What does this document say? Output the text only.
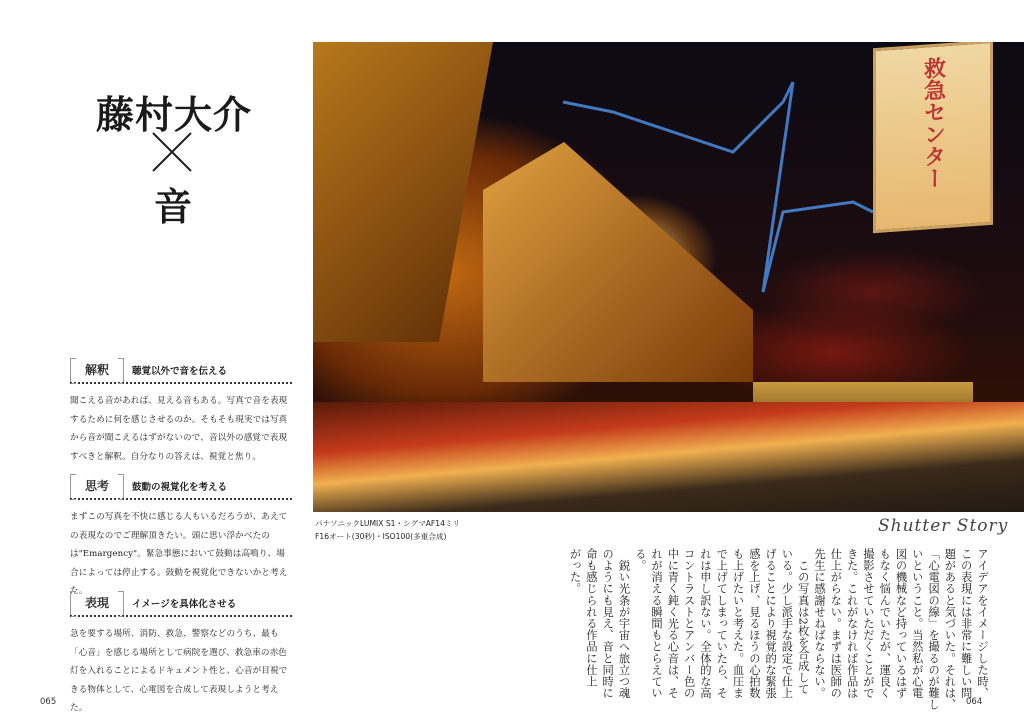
藤村大介
音
解釈	聴覚以外で音を伝える
聞こえる音があれば、見える音もある。写真で音を表現するために何を感じさせるのか。そもそも現実では写真から音が聞こえるはずがないので、音以外の感覚で表現すべきと解釈。自分なりの答えは、視覚と焦り。
思考	鼓動の視覚化を考える
まずこの写真を不快に感じる人もいるだろうが、あえての表現なのでご理解頂きたい。頭に思い浮かべたのは"Emargency"。緊急事態において鼓動は高鳴り、場合によっては停止する。鼓動を視覚化できないかと考えた。
表現	イメージを具体化させる
急を要する場所、消防、救急、警察などのうち、最も「心音」を感じる場所として病院を選び、救急車の赤色灯を入れることによるドキュメント性と、心音が目視できる物体として、心電図を合成して表現しようと考えた。
救急センター
パナソニックLUMIX S1・シグマAF14ミリ
F16オート(30秒)・ISO100(多重合成)
Shutter Story
アイデアをイメージした時、
この表現には非常に難しい問
題があると気づいた。それは、
「心電図の線」を撮るのが難し
いということ。当然私が心電
図の機械など持っているはず
もなく悩んでいたが、運良く
撮影させていただくことがで
きた。これがなければ作品は
仕上がらない。まずは医師の
先生に感謝せねばならない。
　この写真は2枚を合成して
いる。少し派手な設定で仕上
げることにより視覚的な緊張
感を上げ、見るほうの心拍数
も上げたいと考えた。血圧ま
で上げてしまっていたら、そ
れは申し訳ない。全体的な高
コントラストとアンバー色の
中に青く鈍く光る心音は、そ
れが消える瞬間もとらえてい
る。
　鋭い光条が宇宙へ旅立つ魂
のようにも見え、音と同時に
命も感じられる作品に仕上
がった。
065	064
